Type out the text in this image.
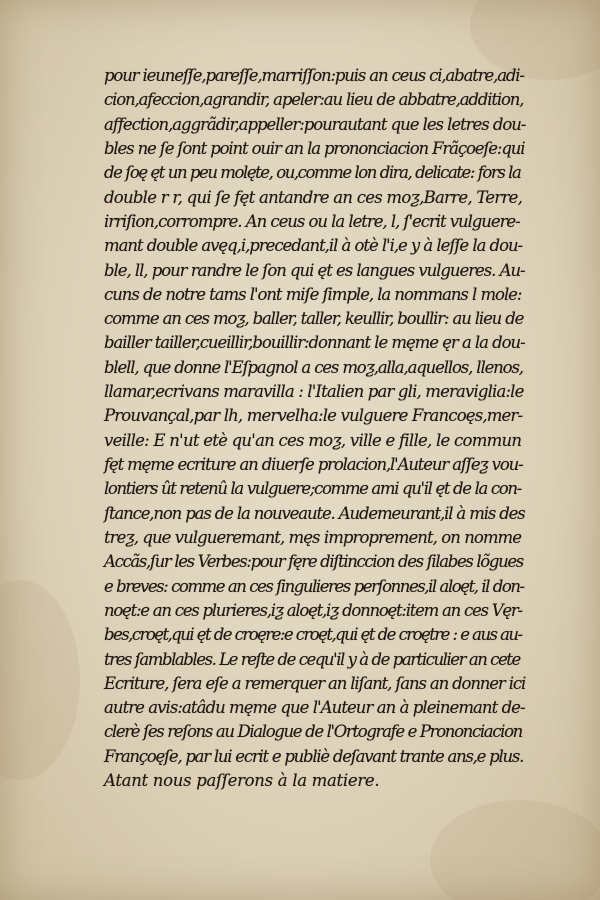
pour ieuneſſe,pareſſe,marriſſon:puis an ceus ci,abatre,adi-
cion,afeccion,agrandir, apeler:au lieu de abbatre,addition,
affection,aggrãdir,appeller:pourautant que les letres dou-
bles ne ſe ſont point ouir an la prononciacion Frãçoeſe:qui
de ſoę ęt un peu molęte, ou,comme lon dira, delicate: fors la
double r r, qui ſe fęt antandre an ces moƺ,Barre, Terre,
irriſion,corrompre. An ceus ou la letre, l, ſ'ecrit vulguere-
mant double avęq,i,precedant,il à otè l'i,e y à leſſe la dou-
ble, ll, pour randre le ſon qui ęt es langues vulgueres. Au-
cuns de notre tams l'ont miſe ſimple, la nommans l mole:
comme an ces moƺ, baller, taller, keullir, boullir: au lieu de
bailler tailler,cueillir,bouillir:donnant le męme ęr a la dou-
blell, que donne l'Eſpagnol a ces moƺ,alla,aquellos, llenos,
llamar,ecrivans maravilla : l'Italien par gli, meraviglia:le
Prouvançal,par lh, mervelha:le vulguere Francoęs,mer-
veille: E n'ut etè qu'an ces moƺ, ville e fille, le commun
fęt męme ecriture an diuerſe prolacion,l'Auteur aſſeƺ vou-
lontiers ût retenû la vulguere;comme ami qu'il ęt de la con-
ſtance,non pas de la nouveaute. Audemeurant,il à mis des
treƺ, que vulgueremant, męs improprement, on nomme
Accãs,ſur les Verbes:pour fęre diſtinccion des ſilabes lõgues
e breves: comme an ces ſingulieres perſonnes,il aloęt, il don-
noęt:e an ces plurieres,iƺ aloęt,iƺ donnoęt:item an ces Vęr-
bes,croęt,qui ęt de croęre:e croęt,qui ęt de croętre : e aus au-
tres ſamblables. Le reſte de cequ'il y à de particulier an cete
Ecriture, ſera eſe a remerquer an liſant, ſans an donner ici
autre avis:atâdu męme que l'Auteur an à pleinemant de-
clerè ſes reſons au Dialogue de l'Ortografe e Prononciacion
Françoęſe, par lui ecrit e publiè deſavant trante ans,e plus.
Atant nous paſſerons à la matiere.
